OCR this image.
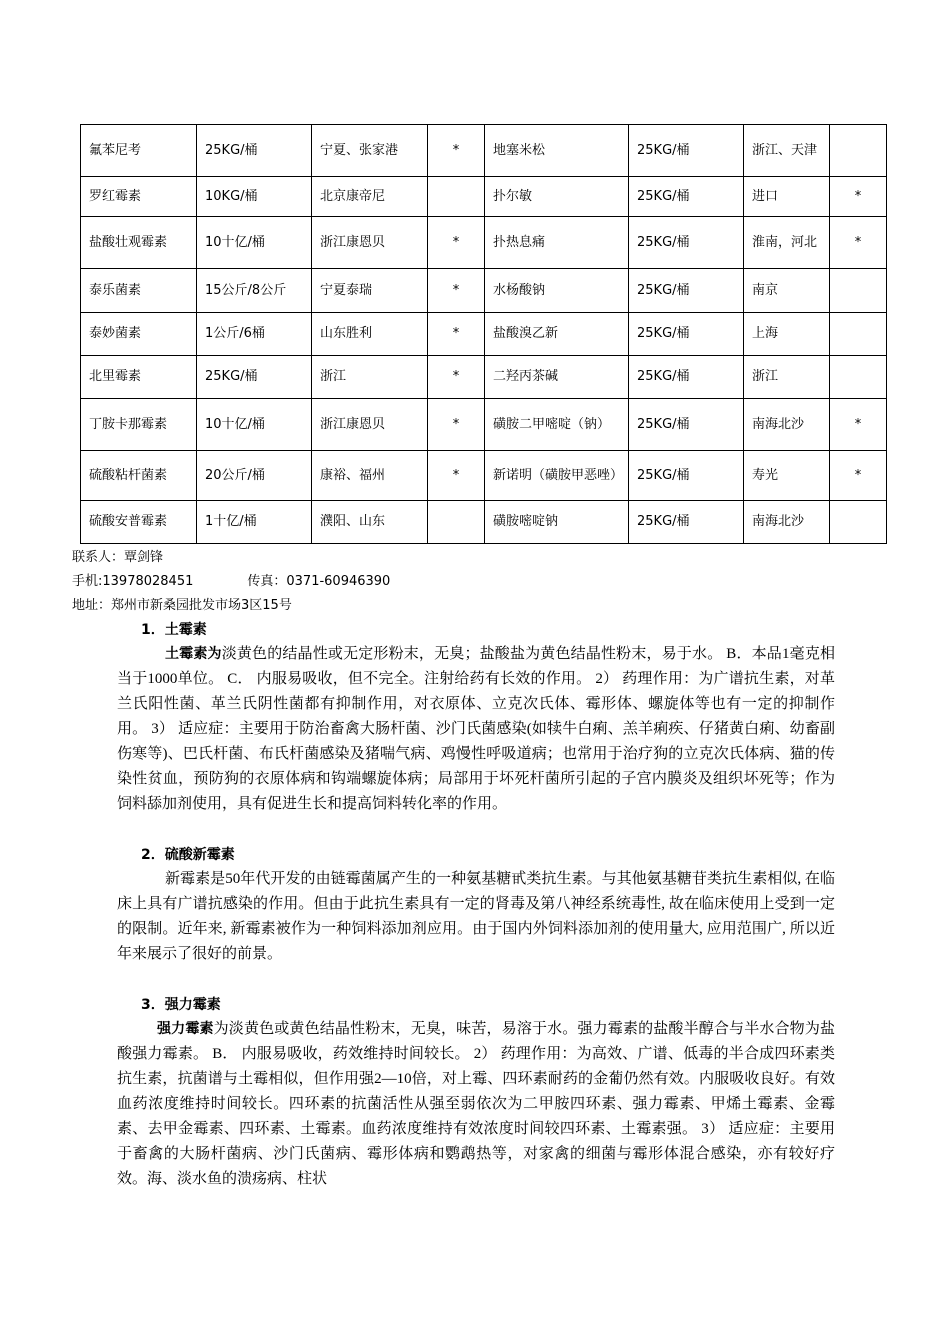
氟苯尼考	25KG/桶	宁夏、张家港	*	地塞米松	25KG/桶	浙江、天津	
罗红霉素	10KG/桶	北京康帝尼		扑尔敏	25KG/桶	进口	*
盐酸壮观霉素	10十亿/桶	浙江康恩贝	*	扑热息痛	25KG/桶	淮南，河北	*
泰乐菌素	15公斤/8公斤	宁夏泰瑞	*	水杨酸钠	25KG/桶	南京	
泰妙菌素	1公斤/6桶	山东胜利	*	盐酸溴乙新	25KG/桶	上海	
北里霉素	25KG/桶	浙江	*	二羟丙茶碱	25KG/桶	浙江	
丁胺卡那霉素	10十亿/桶	浙江康恩贝	*	磺胺二甲嘧啶（钠）	25KG/桶	南海北沙	*
硫酸粘杆菌素	20公斤/桶	康裕、福州	*	新诺明（磺胺甲恶唑）	25KG/桶	寿光	*
硫酸安普霉素	1十亿/桶	濮阳、山东		磺胺嘧啶钠	25KG/桶	南海北沙	
联系人：覃剑锋
手机:13978028451	传真：0371-60946390
地址：郑州市新桑园批发市场3区15号
1．土霉素

土霉素为淡黄色的结晶性或无定形粉末，无臭；盐酸盐为黄色结晶性粉末，易于水。 B．本品1毫克相当于1000单位。 C． 内服易吸收，但不完全。注射给药有长效的作用。 2） 药理作用：为广谱抗生素，对革兰氏阳性菌、革兰氏阴性菌都有抑制作用，对衣原体、立克次氏体、霉形体、螺旋体等也有一定的抑制作用。 3） 适应症：主要用于防治畜禽大肠杆菌、沙门氏菌感染(如犊牛白痢、羔羊痢疾、仔猪黄白痢、幼畜副伤寒等)、巴氏杆菌、布氏杆菌感染及猪喘气病、鸡慢性呼吸道病；也常用于治疗狗的立克次氏体病、猫的传染性贫血，预防狗的衣原体病和钩端螺旋体病；局部用于坏死杆菌所引起的子宫内膜炎及组织坏死等；作为饲料舔加剂使用，具有促进生长和提高饲料转化率的作用。

2．硫酸新霉素

新霉素是50年代开发的由链霉菌属产生的一种氨基糖甙类抗生素。与其他氨基糖苷类抗生素相似, 在临床上具有广谱抗感染的作用。但由于此抗生素具有一定的肾毒及第八神经系统毒性, 故在临床使用上受到一定的限制。近年来, 新霉素被作为一种饲料添加剂应用。由于国内外饲料添加剂的使用量大, 应用范围广, 所以近年来展示了很好的前景。

3．强力霉素

强力霉素为淡黄色或黄色结晶性粉末，无臭，味苦，易溶于水。强力霉素的盐酸半醇合与半水合物为盐酸强力霉素。 B． 内服易吸收，药效维持时间较长。 2） 药理作用：为高效、广谱、低毒的半合成四环素类抗生素，抗菌谱与土霉相似，但作用强2—10倍，对上霉、四环素耐药的金葡仍然有效。内服吸收良好。有效血药浓度维持时间较长。四环素的抗菌活性从强至弱依次为二甲胺四环素、强力霉素、甲烯土霉素、金霉素、去甲金霉素、四环素、土霉素。血药浓度维持有效浓度时间较四环素、土霉素强。 3） 适应症：主要用于畜禽的大肠杆菌病、沙门氏菌病、霉形体病和鹦鹉热等，对家禽的细菌与霉形体混合感染，亦有较好疗效。海、淡水鱼的溃疡病、柱状
